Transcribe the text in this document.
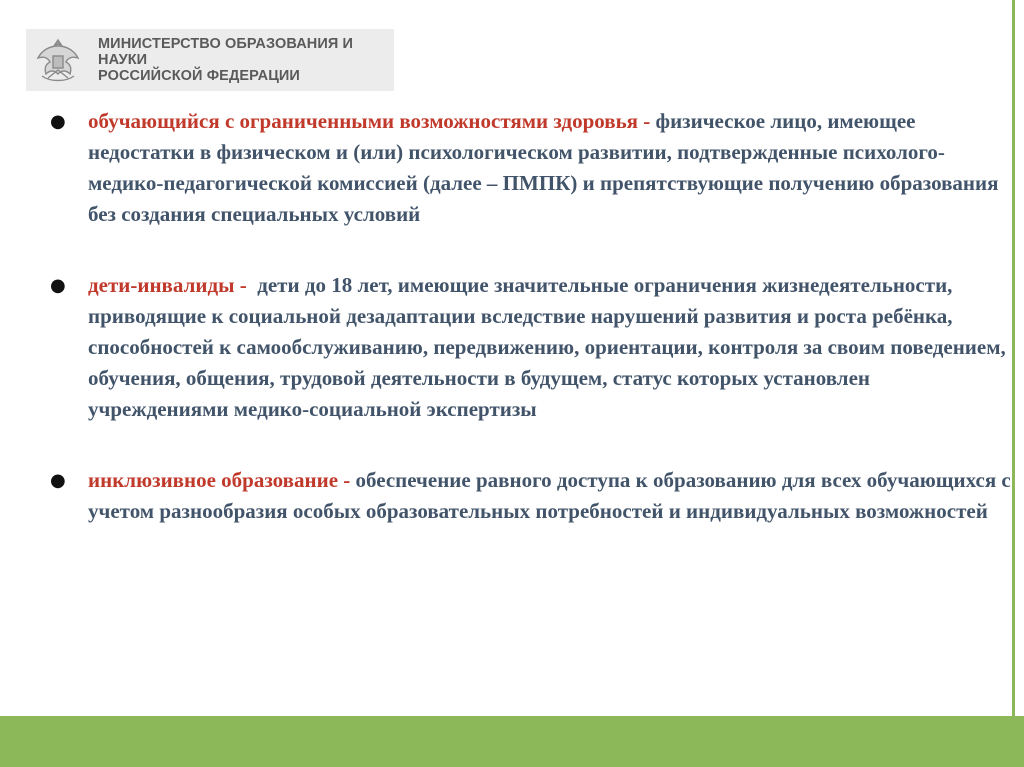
МИНИСТЕРСТВО ОБРАЗОВАНИЯ И НАУКИ
РОССИЙСКОЙ ФЕДЕРАЦИИ
● обучающийся с ограниченными возможностями здоровья - физическое лицо, имеющее недостатки в физическом и (или) психологическом развитии, подтвержденные психолого-медико-педагогической комиссией (далее – ПМПК) и препятствующие получению образования без создания специальных условий
● дети-инвалиды -  дети до 18 лет, имеющие значительные ограничения жизнедеятельности, приводящие к социальной дезадаптации вследствие нарушений развития и роста ребёнка, способностей к самообслуживанию, передвижению, ориентации, контроля за своим поведением, обучения, общения, трудовой деятельности в будущем, статус которых установлен учреждениями медико-социальной экспертизы
● инклюзивное образование - обеспечение равного доступа к образованию для всех обучающихся с учетом разнообразия особых образовательных потребностей и индивидуальных возможностей
